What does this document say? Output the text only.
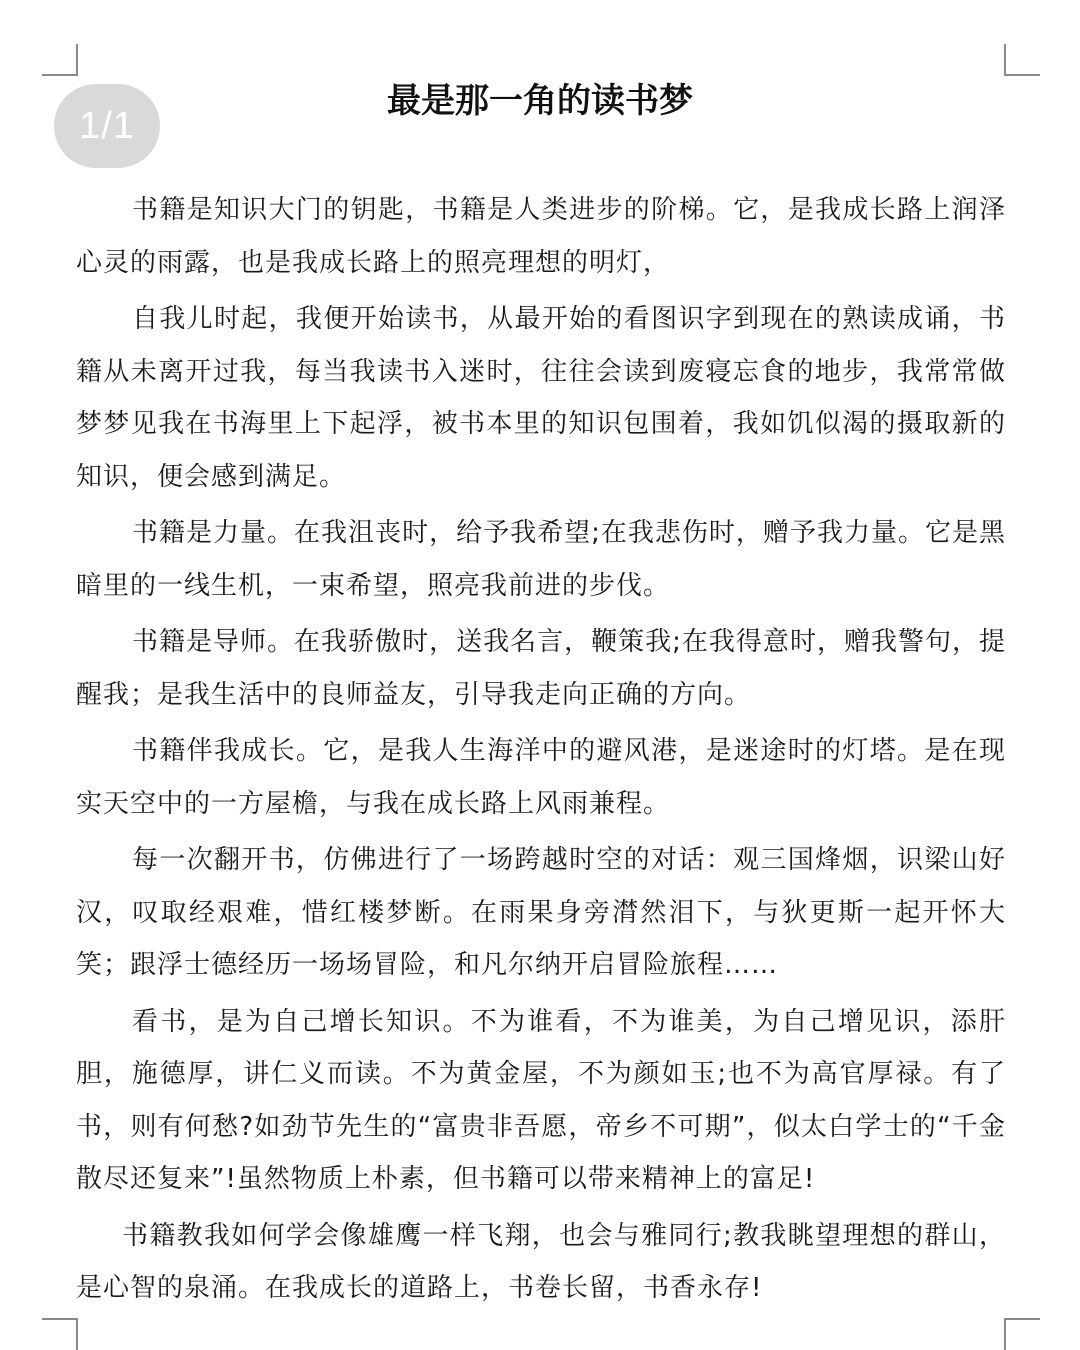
1/1
最是那一角的读书梦

书籍是知识大门的钥匙，书籍是人类进步的阶梯。它，是我成长路上润泽心灵的雨露，也是我成长路上的照亮理想的明灯，

自我儿时起，我便开始读书，从最开始的看图识字到现在的熟读成诵，书籍从未离开过我，每当我读书入迷时，往往会读到废寝忘食的地步，我常常做梦梦见我在书海里上下起浮，被书本里的知识包围着，我如饥似渴的摄取新的知识，便会感到满足。

书籍是力量。在我沮丧时，给予我希望;在我悲伤时，赠予我力量。它是黑暗里的一线生机，一束希望，照亮我前进的步伐。

书籍是导师。在我骄傲时，送我名言，鞭策我;在我得意时，赠我警句，提醒我；是我生活中的良师益友，引导我走向正确的方向。

书籍伴我成长。它，是我人生海洋中的避风港，是迷途时的灯塔。是在现实天空中的一方屋檐，与我在成长路上风雨兼程。

每一次翻开书，仿佛进行了一场跨越时空的对话：观三国烽烟，识梁山好汉，叹取经艰难，惜红楼梦断。在雨果身旁潸然泪下，与狄更斯一起开怀大笑；跟浮士德经历一场场冒险，和凡尔纳开启冒险旅程……

看书，是为自己增长知识。不为谁看，不为谁美，为自己增见识，添肝胆，施德厚，讲仁义而读。不为黄金屋，不为颜如玉;也不为高官厚禄。有了书，则有何愁?如劲节先生的“富贵非吾愿，帝乡不可期”，似太白学士的“千金散尽还复来”!虽然物质上朴素，但书籍可以带来精神上的富足!

书籍教我如何学会像雄鹰一样飞翔，也会与雅同行;教我眺望理想的群山，是心智的泉涌。在我成长的道路上，书卷长留，书香永存!
